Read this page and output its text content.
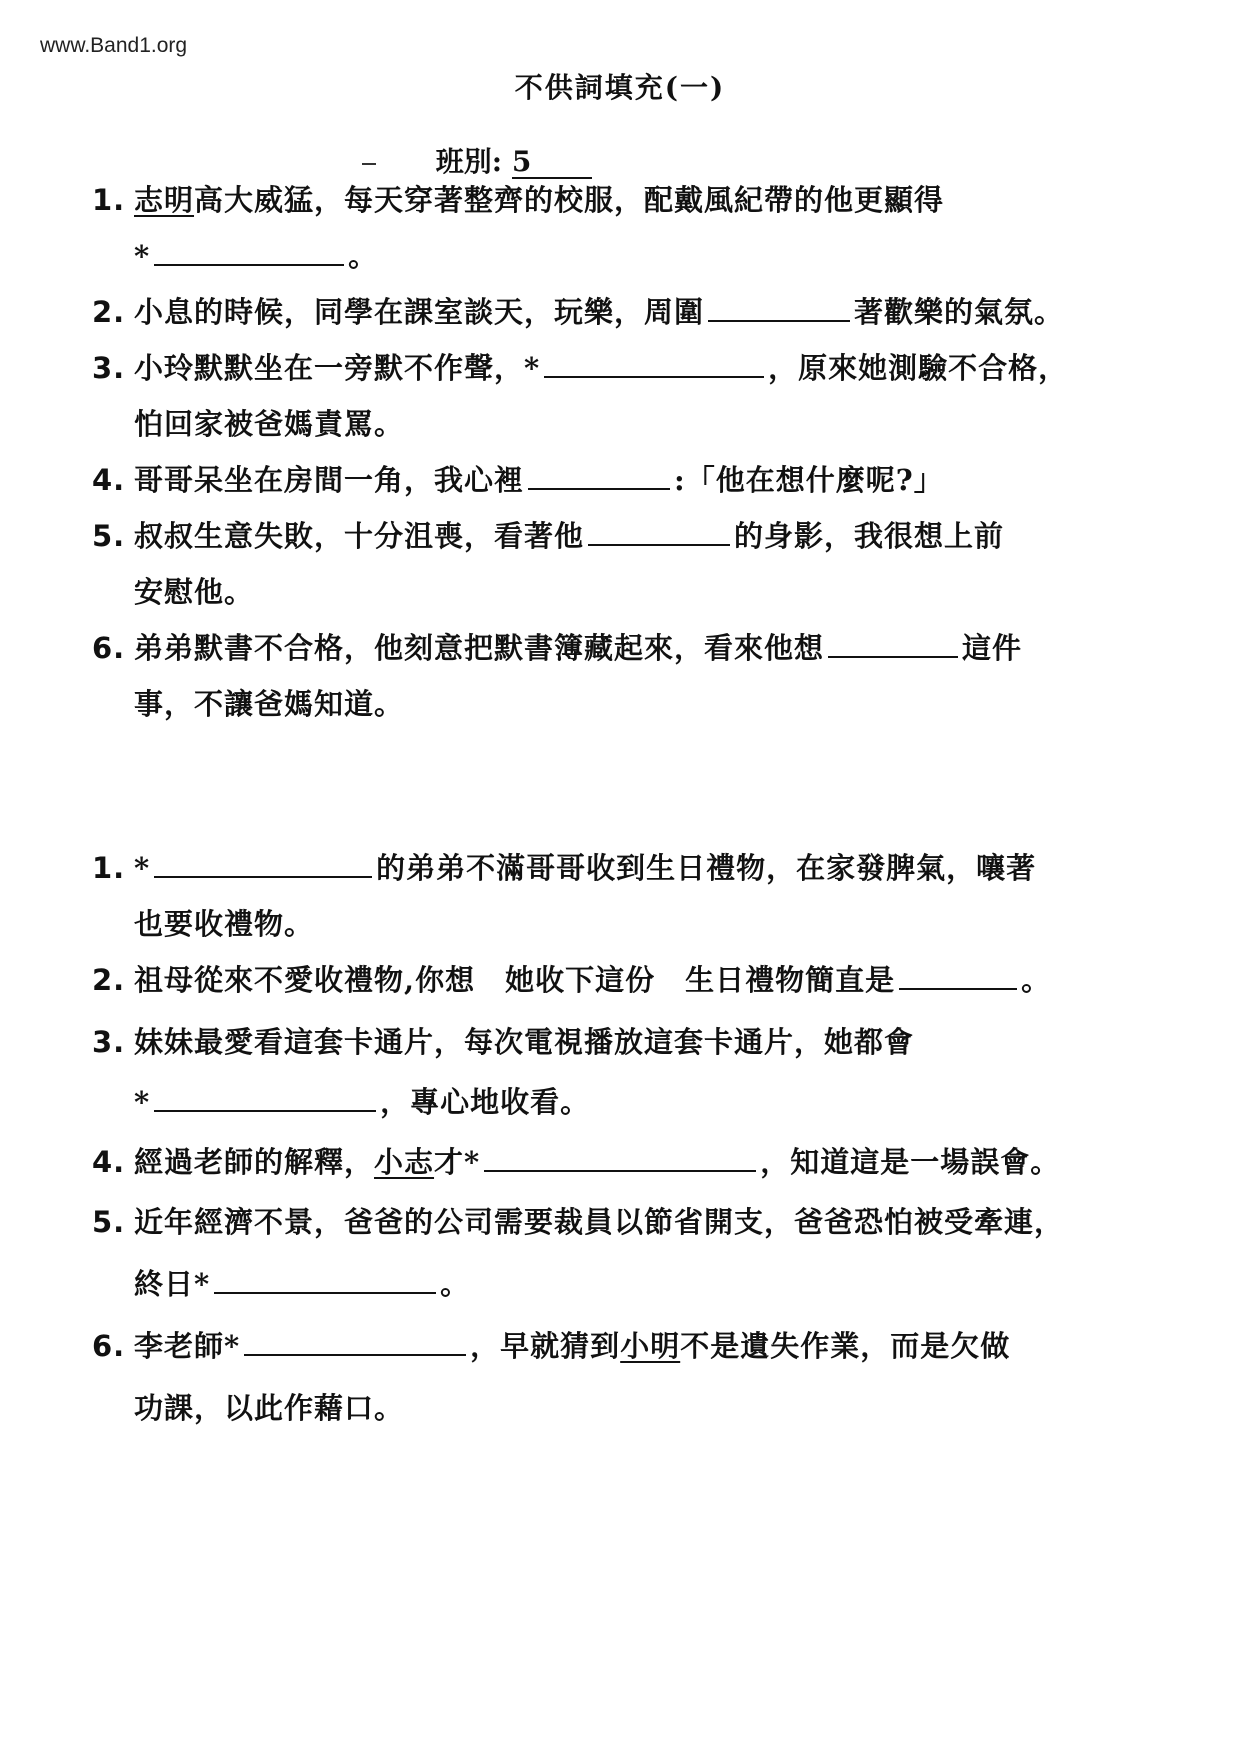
www.Band1.org
不供詞填充(一)
班別: 5
1. 志明高大威猛，每天穿著整齊的校服，配戴風紀帶的他更顯得
*	。
2. 小息的時候，同學在課室談天，玩樂，周圍	著歡樂的氣氛。
3. 小玲默默坐在一旁默不作聲，*	，原來她測驗不合格，
怕回家被爸媽責罵。
4. 哥哥呆坐在房間一角，我心裡	:「他在想什麼呢?」
5. 叔叔生意失敗，十分沮喪，看著他	的身影，我很想上前
安慰他。
6. 弟弟默書不合格，他刻意把默書簿藏起來，看來他想	這件
事，不讓爸媽知道。
1. *	的弟弟不滿哥哥收到生日禮物，在家發脾氣，嚷著
也要收禮物。
2. 祖母從來不愛收禮物,你想　她收下這份　生日禮物簡直是	。
3. 妹妹最愛看這套卡通片，每次電視播放這套卡通片，她都會
*	，專心地收看。
4. 經過老師的解釋，小志才*	，知道這是一場誤會。
5. 近年經濟不景，爸爸的公司需要裁員以節省開支，爸爸恐怕被受牽連，
終日*	。
6. 李老師*	，早就猜到小明不是遺失作業，而是欠做
功課，以此作藉口。
